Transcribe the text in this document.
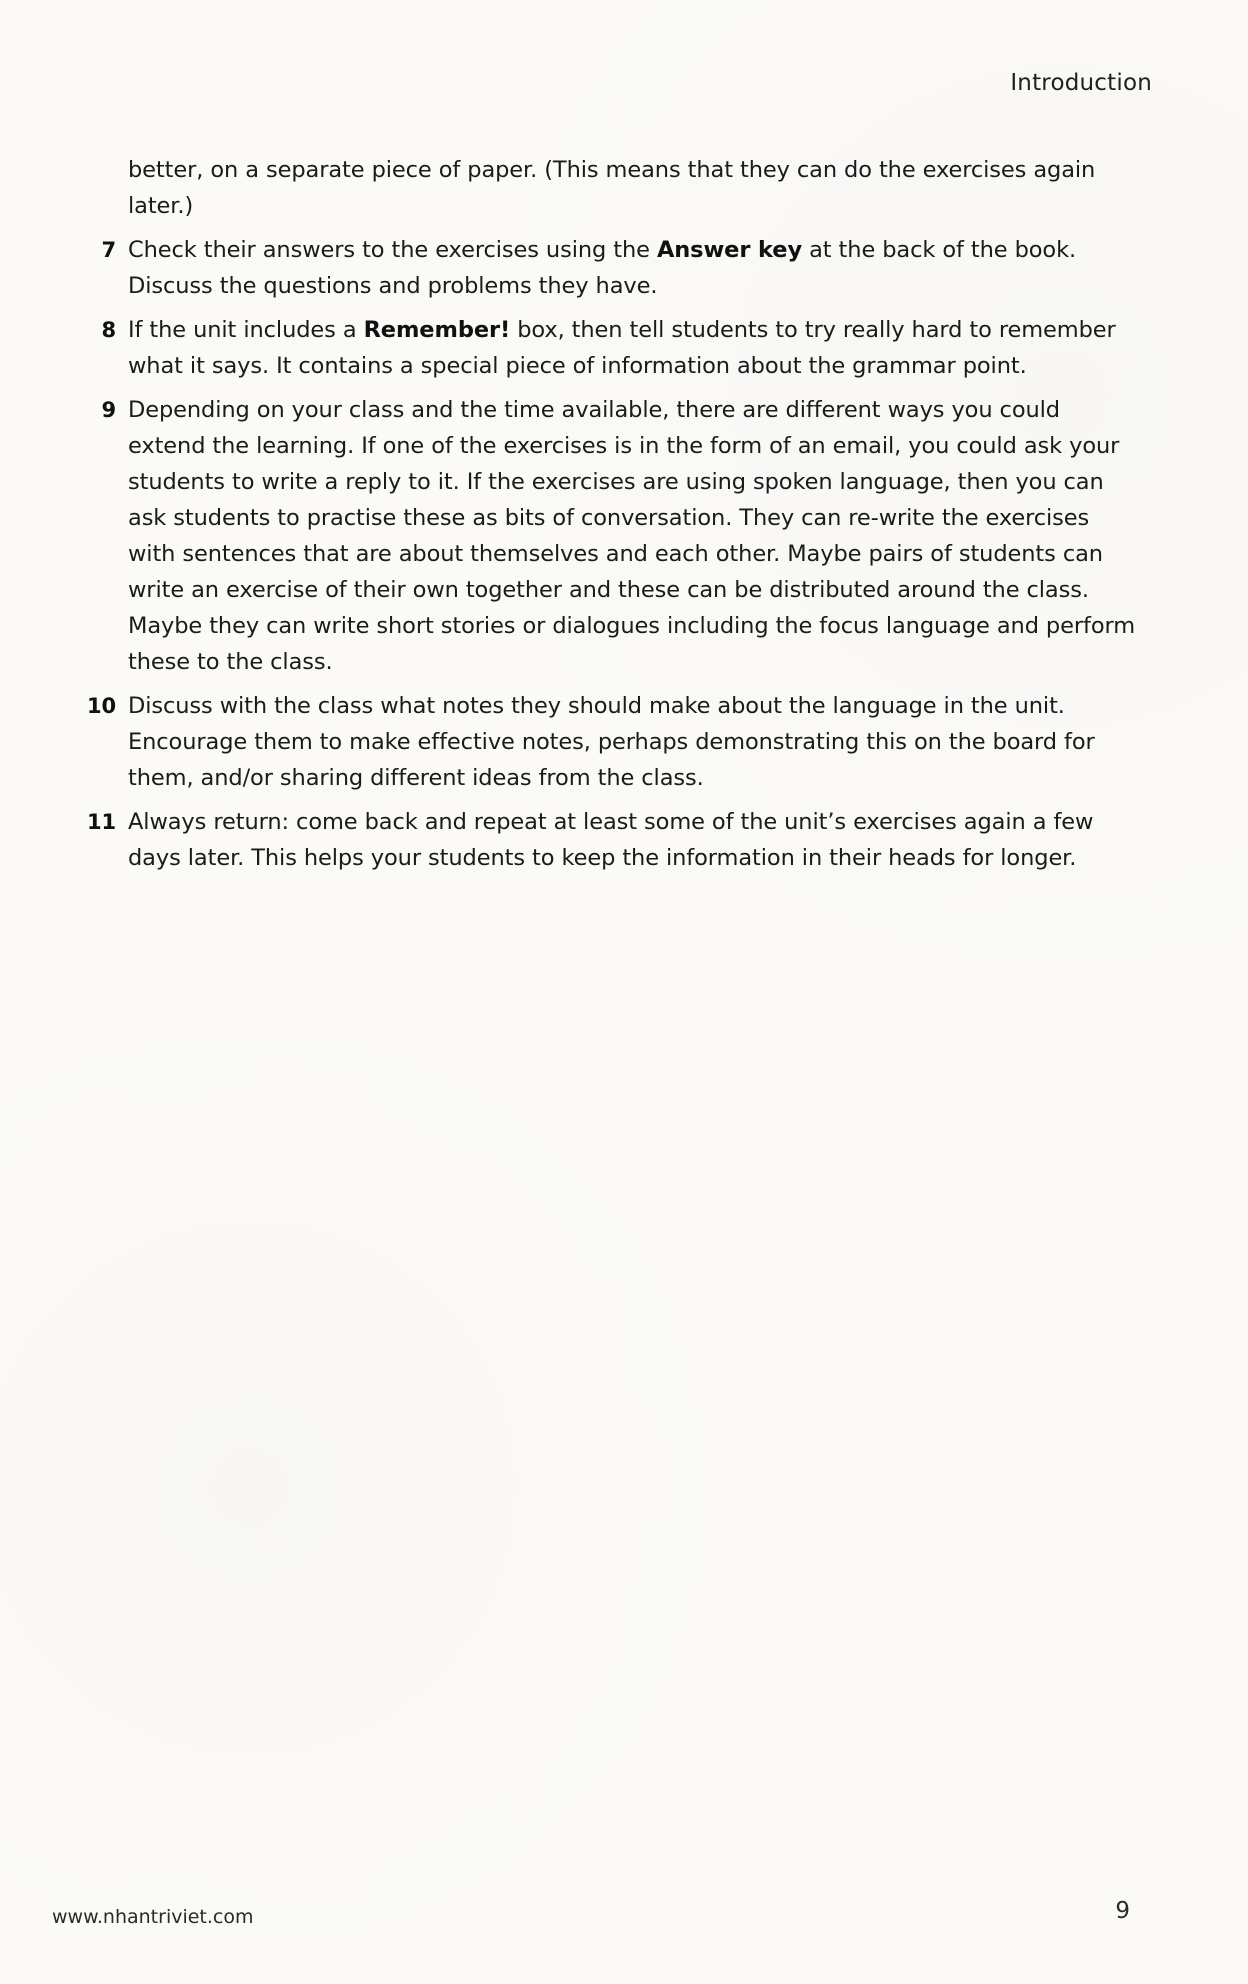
Introduction

better, on a separate piece of paper. (This means that they can do the exercises again later.)

7 Check their answers to the exercises using the Answer key at the back of the book. Discuss the questions and problems they have.
8 If the unit includes a Remember! box, then tell students to try really hard to remember what it says. It contains a special piece of information about the grammar point.
9 Depending on your class and the time available, there are different ways you could extend the learning. If one of the exercises is in the form of an email, you could ask your students to write a reply to it. If the exercises are using spoken language, then you can ask students to practise these as bits of conversation. They can re-write the exercises with sentences that are about themselves and each other. Maybe pairs of students can write an exercise of their own together and these can be distributed around the class. Maybe they can write short stories or dialogues including the focus language and perform these to the class.
10 Discuss with the class what notes they should make about the language in the unit. Encourage them to make effective notes, perhaps demonstrating this on the board for them, and/or sharing different ideas from the class.
11 Always return: come back and repeat at least some of the unit’s exercises again a few days later. This helps your students to keep the information in their heads for longer.
www.nhantriviet.com	9
